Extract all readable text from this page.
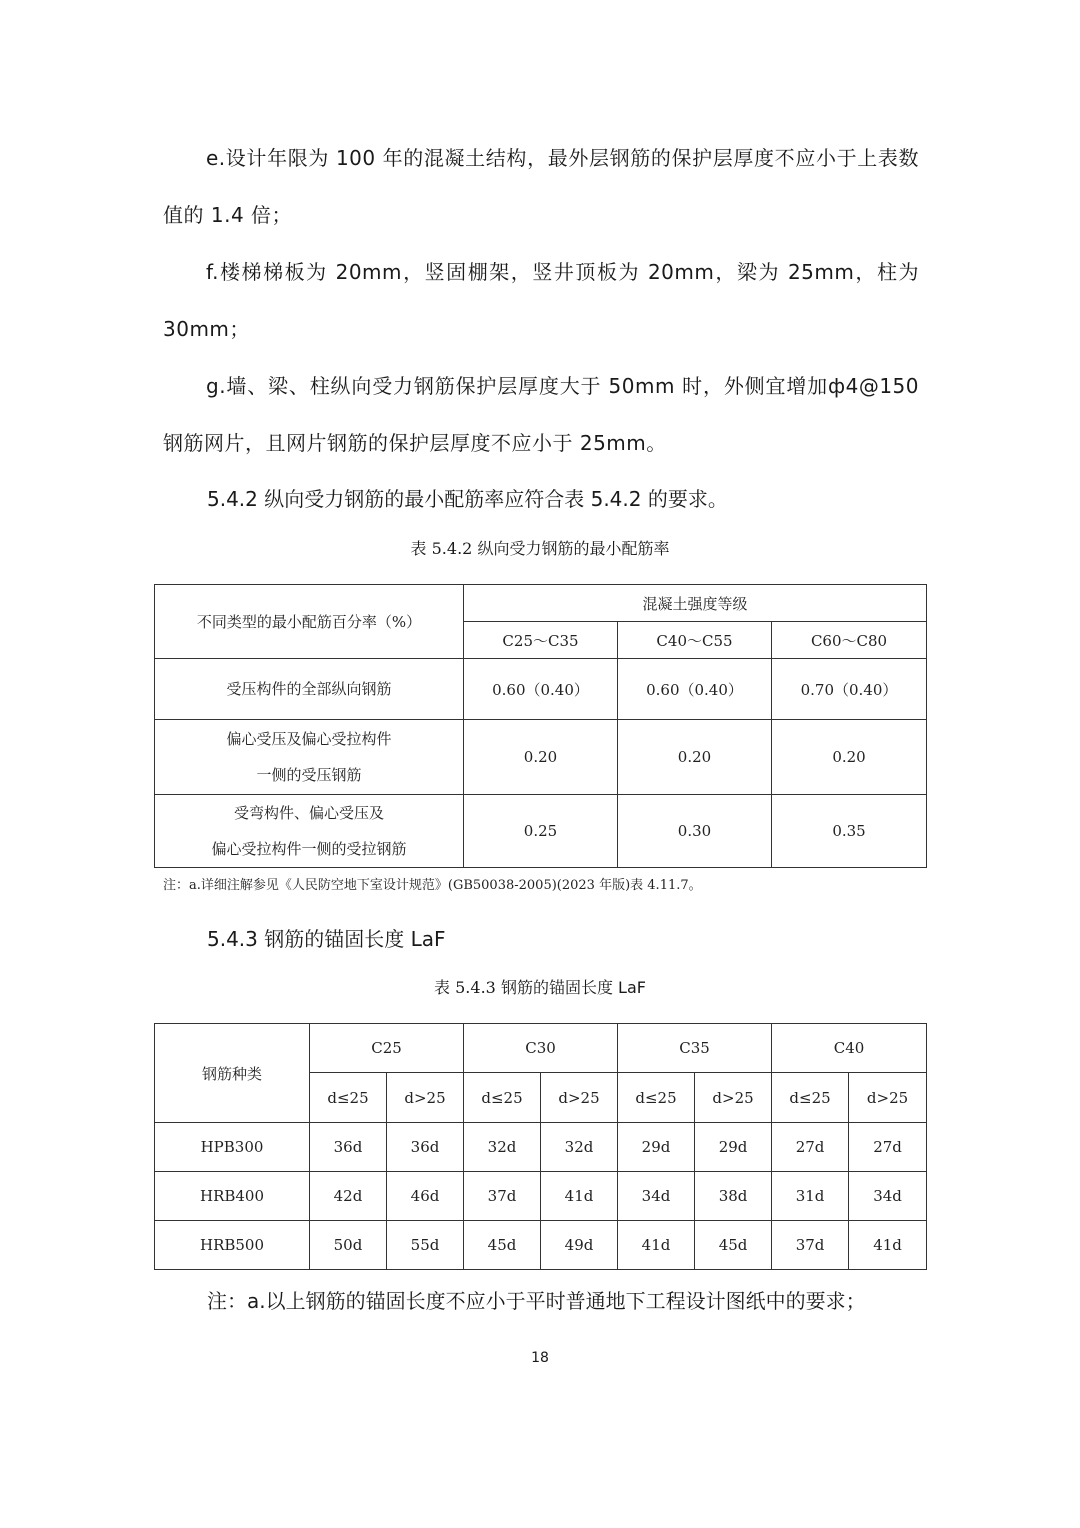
e.设计年限为 100 年的混凝土结构，最外层钢筋的保护层厚度不应小于上表数值的 1.4 倍；

f.楼梯梯板为 20mm，竖固棚架，竖井顶板为 20mm，梁为 25mm，柱为 30mm；

g.墙、梁、柱纵向受力钢筋保护层厚度大于 50mm 时，外侧宜增加ф4@150 钢筋网片，且网片钢筋的保护层厚度不应小于 25mm。

5.4.2 纵向受力钢筋的最小配筋率应符合表 5.4.2 的要求。
表 5.4.2 纵向受力钢筋的最小配筋率
不同类型的最小配筋百分率（%）	混凝土强度等级		
	C25～C35	C40～C55	C60～C80

受压构件的全部纵向钢筋	0.60（0.40）	0.60（0.40）	0.70（0.40）

偏心受压及偏心受拉构件
一侧的受压钢筋	0.20	0.20	0.20

受弯构件、偏心受压及
偏心受拉构件一侧的受拉钢筋	0.25	0.30	0.35
注：a.详细注解参见《人民防空地下室设计规范》(GB50038-2005)(2023 年版)表 4.11.7。
5.4.3 钢筋的锚固长度 LaF
表 5.4.3 钢筋的锚固长度 LaF
钢筋种类	C25		C30		C35		C40	
	d≤25	d>25	d≤25	d>25	d≤25	d>25	d≤25	d>25
HPB300	36d	36d	32d	32d	29d	29d	27d	27d
HRB400	42d	46d	37d	41d	34d	38d	31d	34d
HRB500	50d	55d	45d	49d	41d	45d	37d	41d
注：a.以上钢筋的锚固长度不应小于平时普通地下工程设计图纸中的要求；
18
